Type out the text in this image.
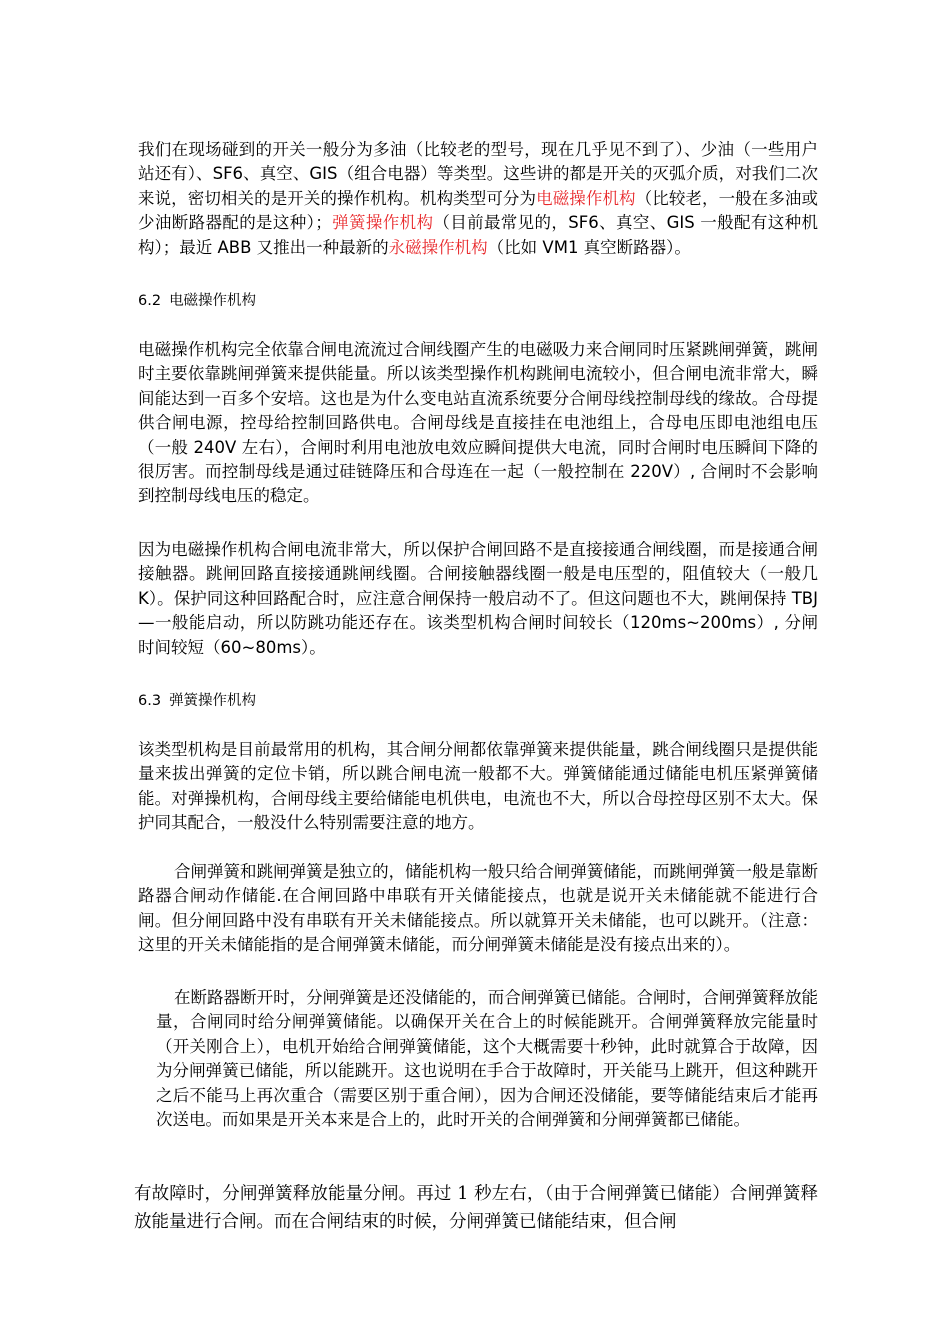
我们在现场碰到的开关一般分为多油（比较老的型号，现在几乎见不到了）、少油（一些用户站还有）、SF6、真空、GIS（组合电器）等类型。这些讲的都是开关的灭弧介质，对我们二次来说，密切相关的是开关的操作机构。机构类型可分为电磁操作机构（比较老，一般在多油或少油断路器配的是这种）；弹簧操作机构（目前最常见的，SF6、真空、GIS 一般配有这种机构）；最近 ABB 又推出一种最新的永磁操作机构（比如 VM1 真空断路器）。

6.2 电磁操作机构

电磁操作机构完全依靠合闸电流流过合闸线圈产生的电磁吸力来合闸同时压紧跳闸弹簧，跳闸时主要依靠跳闸弹簧来提供能量。所以该类型操作机构跳闸电流较小，但合闸电流非常大，瞬间能达到一百多个安培。这也是为什么变电站直流系统要分合闸母线控制母线的缘故。合母提供合闸电源，控母给控制回路供电。合闸母线是直接挂在电池组上，合母电压即电池组电压（一般 240V 左右），合闸时利用电池放电效应瞬间提供大电流，同时合闸时电压瞬间下降的很厉害。而控制母线是通过硅链降压和合母连在一起（一般控制在 220V）, 合闸时不会影响到控制母线电压的稳定。

因为电磁操作机构合闸电流非常大，所以保护合闸回路不是直接接通合闸线圈，而是接通合闸接触器。跳闸回路直接接通跳闸线圈。合闸接触器线圈一般是电压型的，阻值较大（一般几 K）。保护同这种回路配合时，应注意合闸保持一般启动不了。但这问题也不大，跳闸保持 TBJ—一般能启动，所以防跳功能还存在。该类型机构合闸时间较长（120ms~200ms）, 分闸时间较短（60~80ms）。

6.3 弹簧操作机构

该类型机构是目前最常用的机构，其合闸分闸都依靠弹簧来提供能量，跳合闸线圈只是提供能量来拔出弹簧的定位卡销，所以跳合闸电流一般都不大。弹簧储能通过储能电机压紧弹簧储能。对弹操机构，合闸母线主要给储能电机供电，电流也不大，所以合母控母区别不太大。保护同其配合，一般没什么特别需要注意的地方。

合闸弹簧和跳闸弹簧是独立的，储能机构一般只给合闸弹簧储能，而跳闸弹簧一般是靠断路器合闸动作储能.在合闸回路中串联有开关储能接点，也就是说开关未储能就不能进行合闸。但分闸回路中没有串联有开关未储能接点。所以就算开关未储能，也可以跳开。（注意：这里的开关未储能指的是合闸弹簧未储能，而分闸弹簧未储能是没有接点出来的）。

在断路器断开时，分闸弹簧是还没储能的，而合闸弹簧已储能。合闸时，合闸弹簧释放能量，合闸同时给分闸弹簧储能。以确保开关在合上的时候能跳开。合闸弹簧释放完能量时（开关刚合上），电机开始给合闸弹簧储能，这个大概需要十秒钟，此时就算合于故障，因为分闸弹簧已储能，所以能跳开。这也说明在手合于故障时，开关能马上跳开，但这种跳开之后不能马上再次重合（需要区别于重合闸），因为合闸还没储能，要等储能结束后才能再次送电。而如果是开关本来是合上的，此时开关的合闸弹簧和分闸弹簧都已储能。

有故障时，分闸弹簧释放能量分闸。再过 1 秒左右，（由于合闸弹簧已储能）合闸弹簧释放能量进行合闸。而在合闸结束的时候，分闸弹簧已储能结束，但合闸
